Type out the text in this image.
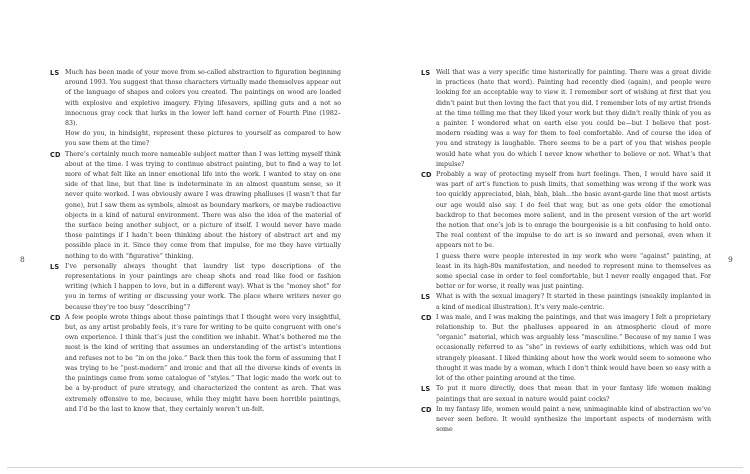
LS Much has been made of your move from so-called abstraction to figuration beginning around 1993. You suggest that those characters virtually made themselves appear out of the language of shapes and colors you created. The paintings on wood are loaded with explosive and expletive imagery. Flying lifesavers, spilling guts and a not so innocuous gray cock that lurks in the lower left hand corner of Fourth Pine (1982–83).

How do you, in hindsight, represent these pictures to yourself as compared to how you saw them at the time?

CD There’s certainly much more nameable subject matter than I was letting myself think about at the time. I was trying to continue abstract painting, but to find a way to let more of what felt like an inner emotional life into the work. I wanted to stay on one side of that line, but that line is indeterminate in an almost quantum sense, so it never quite worked. I was obviously aware I was drawing phalluses (I wasn’t that far gone), but I saw them as symbols, almost as boundary markers, or maybe radioactive objects in a kind of natural environment. There was also the idea of the material of the surface being another subject, or a picture of itself. I would never have made those paintings if I hadn’t been thinking about the history of abstract art and my possible place in it. Since they come from that impulse, for me they have virtually nothing to do with “figurative” thinking.

LS I’ve personally always thought that laundry list type descriptions of the representations in your paintings are cheap shots and read like food or fashion writing (which I happen to love, but in a different way). What is the “money shot” for you in terms of writing or discussing your work. The place where writers never go because they’re too busy “describing”?

CD A few people wrote things about those paintings that I thought were very insightful, but, as any artist probably feels, it’s rare for writing to be quite congruent with one’s own experience. I think that’s just the condition we inhabit. What’s bothered me the most is the kind of writing that assumes an understanding of the artist’s intentions and refuses not to be “in on the joke.” Back then this took the form of assuming that I was trying to be “post-modern” and ironic and that all the diverse kinds of events in the paintings came from some catalogue of “styles.” That logic made the work out to be a by-product of pure strategy, and characterized the content as arch. That was extremely offensive to me, because, while they might have been horrible paintings, and I’d be the last to know that, they certainly weren’t un-felt.

LS Well that was a very specific time historically for painting. There was a great divide in practices (hate that word). Painting had recently died (again), and people were looking for an acceptable way to view it. I remember sort of wishing at first that you didn’t paint but then loving the fact that you did. I remember lots of my artist friends at the time telling me that they liked your work but they didn’t really think of you as a painter. I wondered what on earth else you could be—but I believe that post-modern reading was a way for them to feel comfortable. And of course the idea of you and strategy is laughable. There seems to be a part of you that wishes people would hate what you do which I never know whether to believe or not. What’s that impulse?

CD Probably a way of protecting myself from hurt feelings. Then, I would have said it was part of art’s function to push limits, that something was wrong if the work was too quickly appreciated, blah, blah, blah...the basic avant-garde line that most artists our age would also say. I do feel that way, but as one gets older the emotional backdrop to that becomes more salient, and in the present version of the art world the notion that one’s job is to enrage the bourgeoisie is a bit confusing to hold onto. The real content of the impulse to do art is so inward and personal, even when it appears not to be.

I guess there were people interested in my work who were “against” painting, at least in its high-80s manifestation, and needed to represent mine to themselves as some special case in order to feel comfortable, but I never really engaged that. For better or for worse, it really was just painting.

LS What is with the sexual imagery? It started in these paintings (sneakily implanted in a kind of medical illustration). It’s very male-centric.

CD I was male, and I was making the paintings, and that was imagery I felt a proprietary relationship to. But the phalluses appeared in an atmospheric cloud of more “organic” material, which was arguably less “masculine.” Because of my name I was occasionally referred to as “she” in reviews of early exhibitions, which was odd but strangely pleasant. I liked thinking about how the work would seem to someone who thought it was made by a woman, which I don’t think would have been so easy with a lot of the other painting around at the time.

LS To put it more directly, does that mean that in your fantasy life women making paintings that are sexual in nature would paint cocks?

CD In my fantasy life, women would paint a new, unimaginable kind of abstraction we’ve never seen before. It would synthesize the important aspects of modernism with some

8	9
